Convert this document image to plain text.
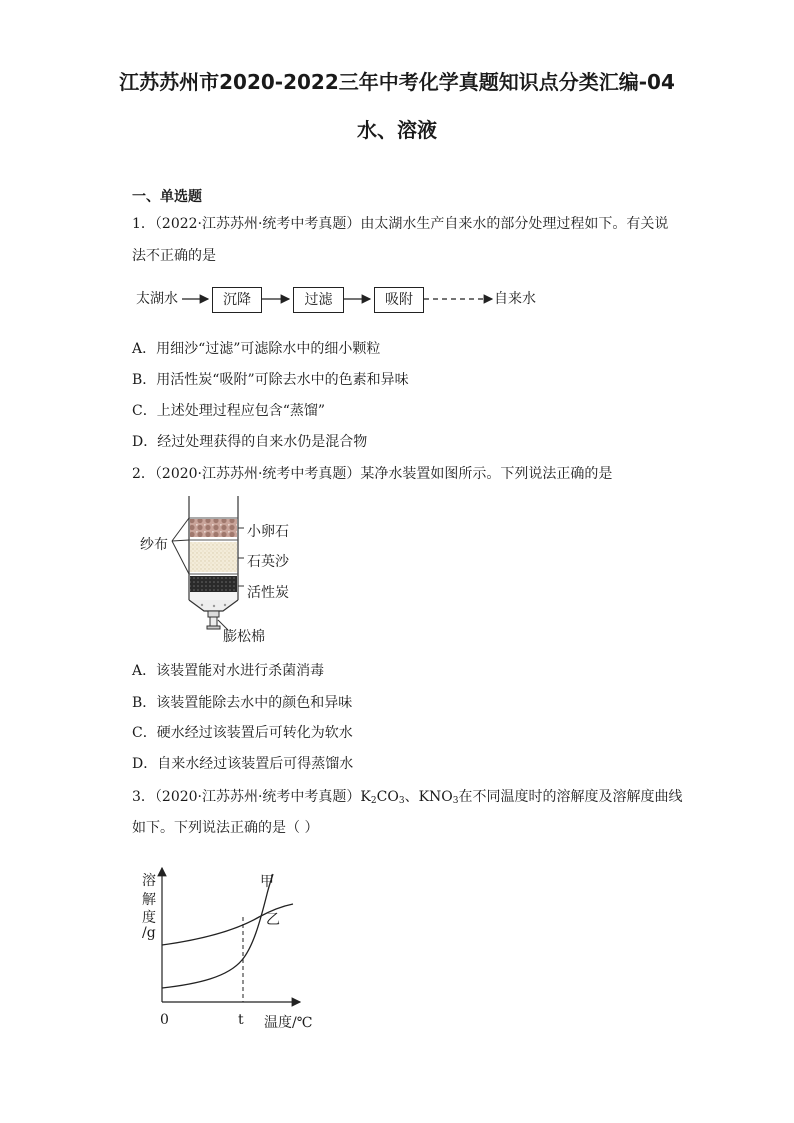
江苏苏州市2020-2022三年中考化学真题知识点分类汇编-04
水、溶液
一、单选题
1．（2022·江苏苏州·统考中考真题）由太湖水生产自来水的部分处理过程如下。有关说
法不正确的是
太湖水	沉降	过滤	吸附	自来水
A．用细沙“过滤”可滤除水中的细小颗粒
B．用活性炭“吸附”可除去水中的色素和异味
C．上述处理过程应包含“蒸馏”
D．经过处理获得的自来水仍是混合物
2．（2020·江苏苏州·统考中考真题）某净水装置如图所示。下列说法正确的是
纱布
小卵石
石英沙
活性炭
膨松棉
A．该装置能对水进行杀菌消毒
B．该装置能除去水中的颜色和异味
C．硬水经过该装置后可转化为软水
D．自来水经过该装置后可得蒸馏水
3．（2020·江苏苏州·统考中考真题）$K_2CO_3$、$KNO_3$在不同温度时的溶解度及溶解度曲线
如下。下列说法正确的是（ ）
溶
解
度
/g
甲
乙
0	t 温度/℃
